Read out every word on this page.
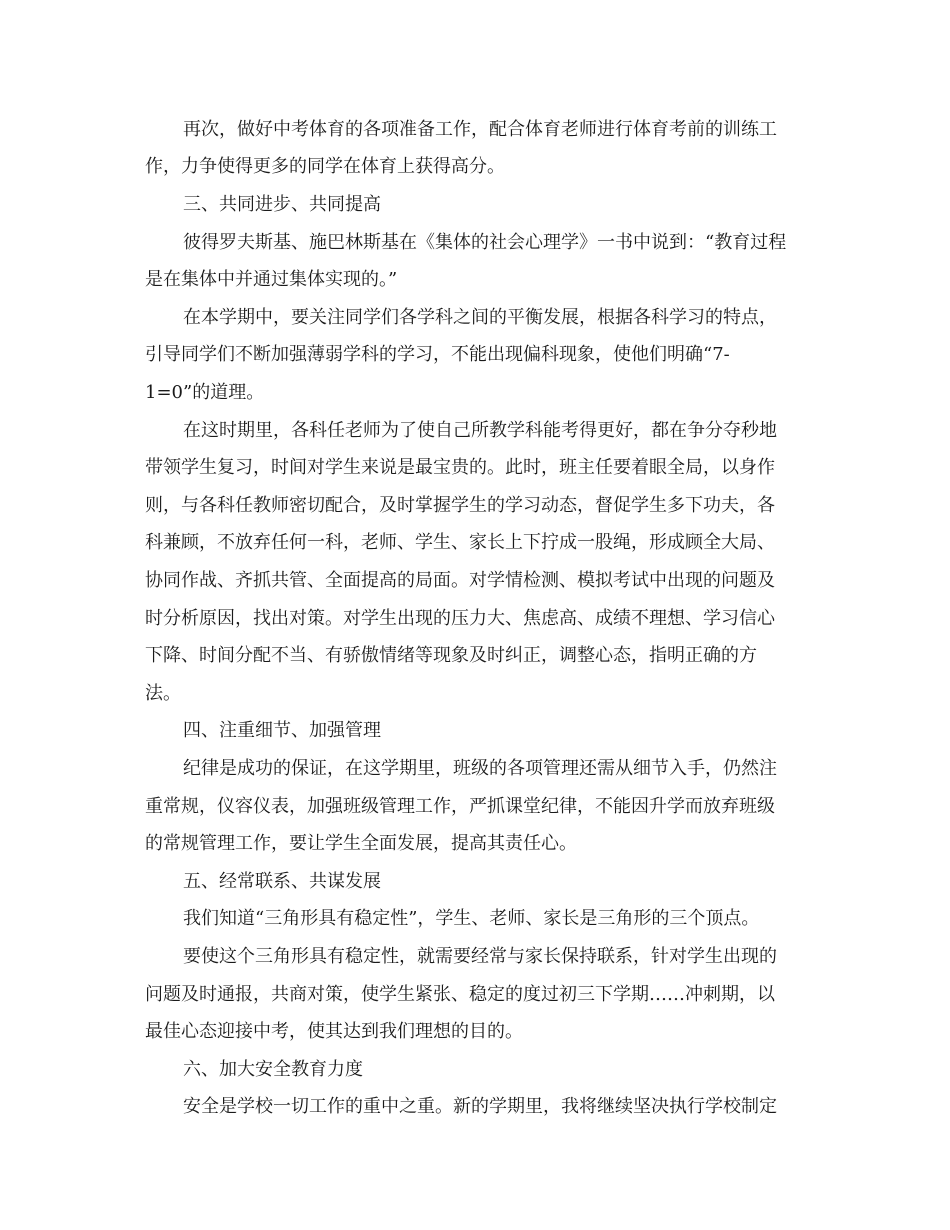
再次，做好中考体育的各项准备工作，配合体育老师进行体育考前的训练工
作，力争使得更多的同学在体育上获得高分。
三、共同进步、共同提高
彼得罗夫斯基、施巴林斯基在《集体的社会心理学》一书中说到：“教育过程
是在集体中并通过集体实现的。”
在本学期中，要关注同学们各学科之间的平衡发展，根据各科学习的特点，
引导同学们不断加强薄弱学科的学习，不能出现偏科现象，使他们明确“7-
1=0”的道理。
在这时期里，各科任老师为了使自己所教学科能考得更好，都在争分夺秒地
带领学生复习，时间对学生来说是最宝贵的。此时，班主任要着眼全局，以身作
则，与各科任教师密切配合，及时掌握学生的学习动态，督促学生多下功夫，各
科兼顾，不放弃任何一科，老师、学生、家长上下拧成一股绳，形成顾全大局、
协同作战、齐抓共管、全面提高的局面。对学情检测、模拟考试中出现的问题及
时分析原因，找出对策。对学生出现的压力大、焦虑高、成绩不理想、学习信心
下降、时间分配不当、有骄傲情绪等现象及时纠正，调整心态，指明正确的方
法。
四、注重细节、加强管理
纪律是成功的保证，在这学期里，班级的各项管理还需从细节入手，仍然注
重常规，仪容仪表，加强班级管理工作，严抓课堂纪律，不能因升学而放弃班级
的常规管理工作，要让学生全面发展，提高其责任心。
五、经常联系、共谋发展
我们知道“三角形具有稳定性”，学生、老师、家长是三角形的三个顶点。
要使这个三角形具有稳定性，就需要经常与家长保持联系，针对学生出现的
问题及时通报，共商对策，使学生紧张、稳定的度过初三下学期……冲刺期，以
最佳心态迎接中考，使其达到我们理想的目的。
六、加大安全教育力度
安全是学校一切工作的重中之重。新的学期里，我将继续坚决执行学校制定
